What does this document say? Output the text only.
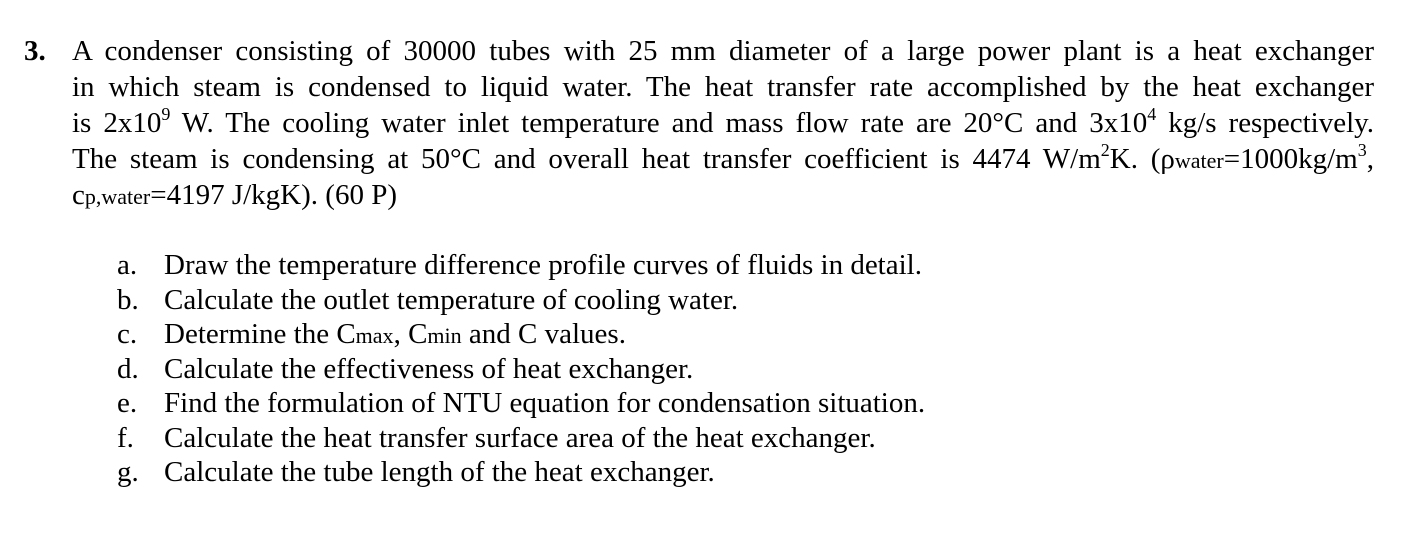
3. A condenser consisting of 30000 tubes with 25 mm diameter of a large power plant is a heat exchanger
in which steam is condensed to liquid water. The heat transfer rate accomplished by the heat exchanger
is $2x10^9$ W. The cooling water inlet temperature and mass flow rate are 20°C and $3x10^4$ kg/s respectively.
The steam is condensing at 50°C and overall heat transfer coefficient is 4474 $W/m^2K$. ($\rho water=1000kg/m^3$,
cp,water=4197 J/kgK). (60 P)
a. Draw the temperature difference profile curves of fluids in detail.
b. Calculate the outlet temperature of cooling water.
c. Determine the Cmax, Cmin and C values.
d. Calculate the effectiveness of heat exchanger.
e. Find the formulation of NTU equation for condensation situation.
f.	Calculate the heat transfer surface area of the heat exchanger.
g. Calculate the tube length of the heat exchanger.
